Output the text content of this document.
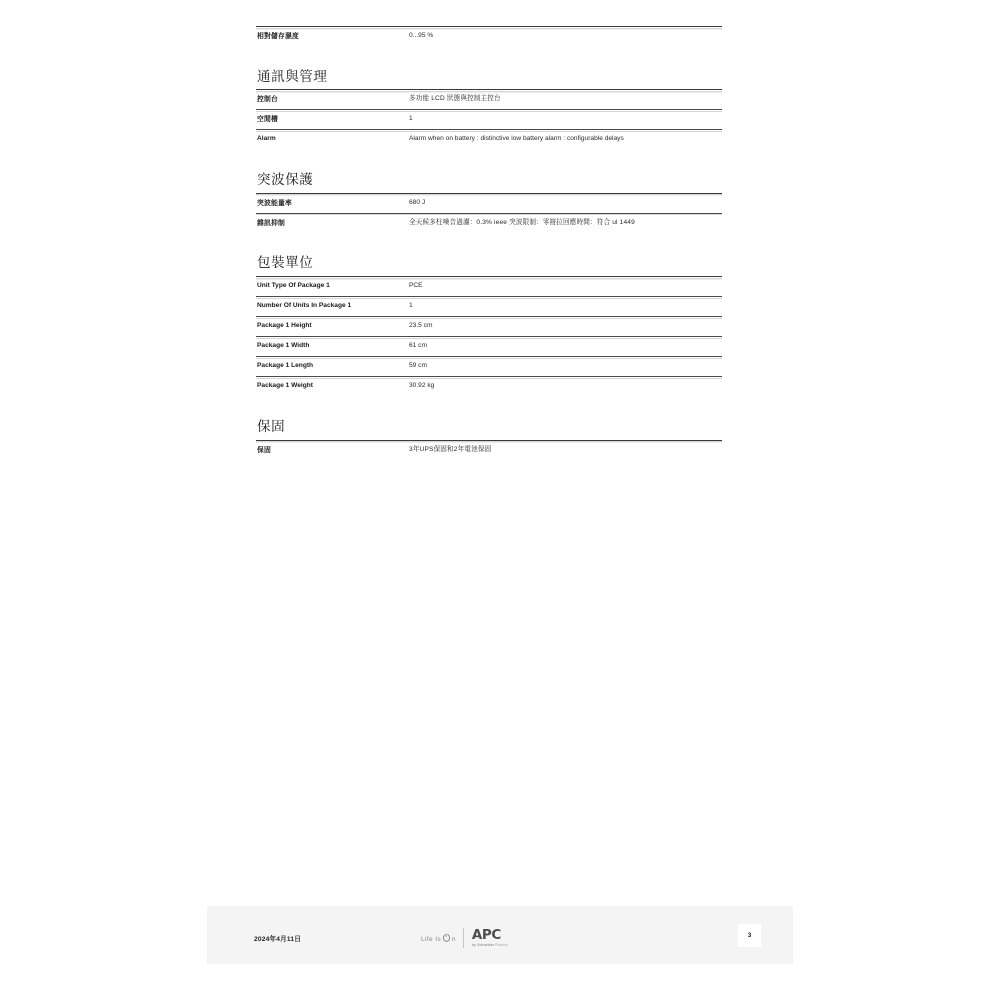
相對儲存濕度	0...95 %
通訊與管理
控制台	多功能 LCD 狀態與控制主控台
空閒槽	1
Alarm	Alarm when on battery : distinctive low battery alarm : configurable delays
突波保護
突波能量率	680 J
雜訊抑制	全天候多柱噪音過濾：0.3% ieee 突波限制：零箝拉回應時間：符合 ul 1449
包裝單位
Unit Type Of Package 1	PCE
Number Of Units In Package 1	1
Package 1 Height	23.5 cm
Package 1 Width	61 cm
Package 1 Length	59 cm
Package 1 Weight	30.92 kg
保固
保固	3年UPS保固和2年電池保固
2024年4月11日	Life Is n APC
by Schneider Electric
3
